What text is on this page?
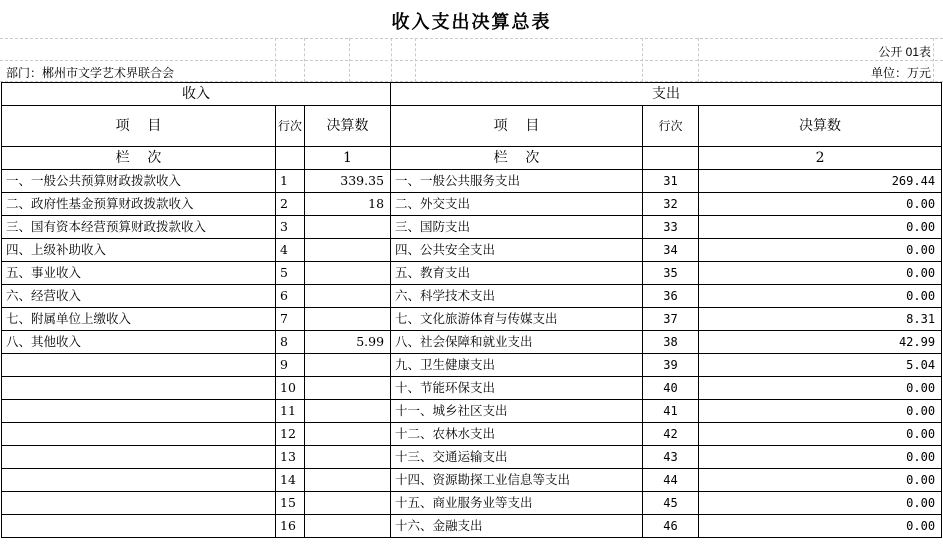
收入支出决算总表
公开 01表
部门：郴州市文学艺术界联合会	单位：万元
收入			支出		
项    目	行次	决算数	项    目	行次	决算数
栏    次		1	栏    次		2
一、一般公共预算财政拨款收入	1	339.35	一、一般公共服务支出	31	269.44
二、政府性基金预算财政拨款收入	2	18	二、外交支出	32	0.00
三、国有资本经营预算财政拨款收入	3		三、国防支出	33	0.00
四、上级补助收入	4		四、公共安全支出	34	0.00
五、事业收入	5		五、教育支出	35	0.00
六、经营收入	6		六、科学技术支出	36	0.00
七、附属单位上缴收入	7		七、文化旅游体育与传媒支出	37	8.31
八、其他收入	8	5.99	八、社会保障和就业支出	38	42.99
	9		九、卫生健康支出	39	5.04
	10		十、节能环保支出	40	0.00
	11		十一、城乡社区支出	41	0.00
	12		十二、农林水支出	42	0.00
	13		十三、交通运输支出	43	0.00
	14		十四、资源勘探工业信息等支出	44	0.00
	15		十五、商业服务业等支出	45	0.00
	16		十六、金融支出	46	0.00
